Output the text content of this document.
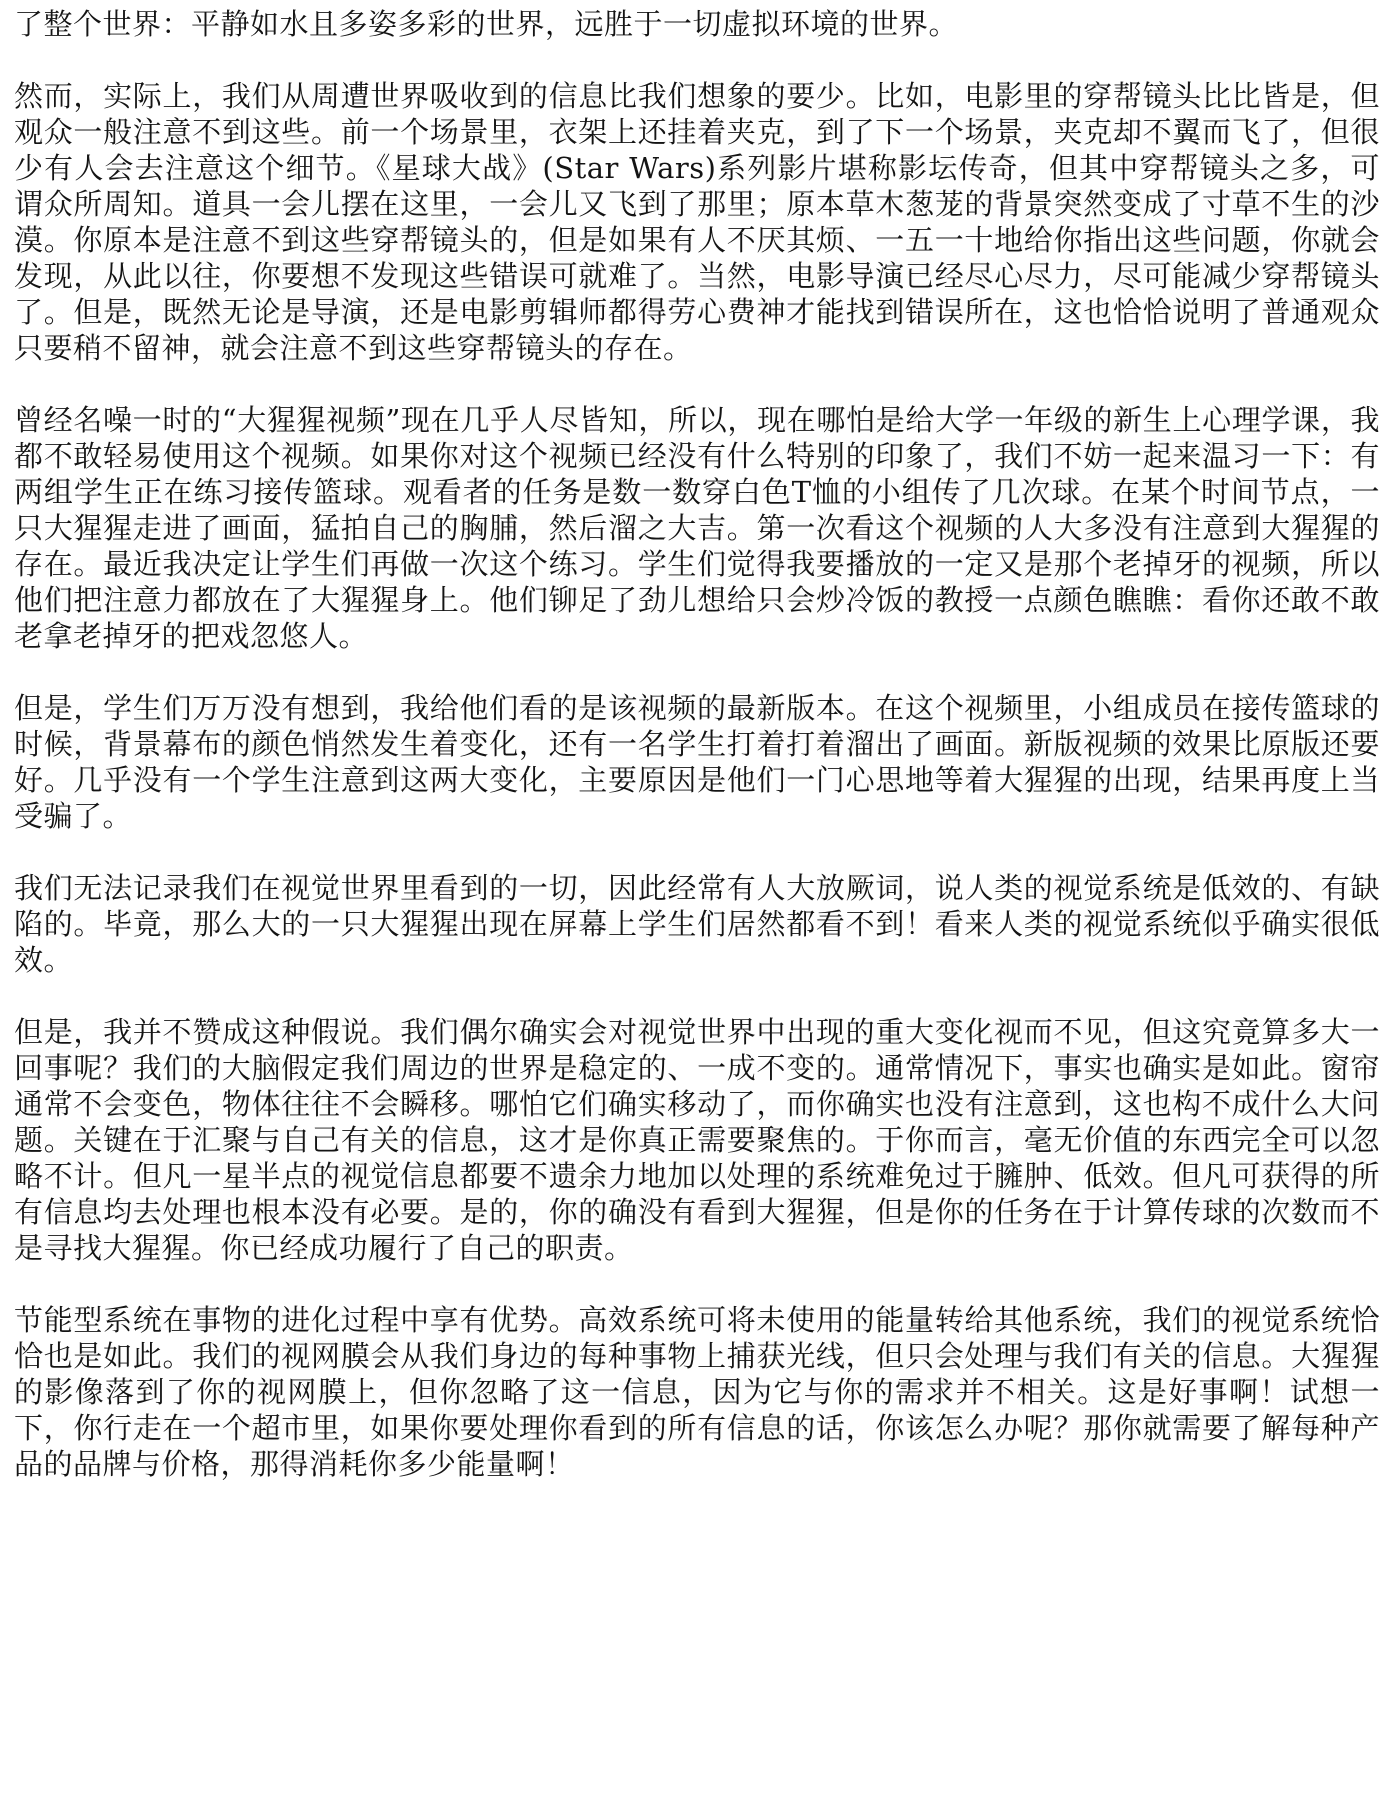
了整个世界：平静如水且多姿多彩的世界，远胜于一切虚拟环境的世界。

然而，实际上，我们从周遭世界吸收到的信息比我们想象的要少。比如，电影里的穿帮镜头比比皆是，但观众一般注意不到这些。前一个场景里，衣架上还挂着夹克，到了下一个场景，夹克却不翼而飞了，但很少有人会去注意这个细节。《星球大战》(Star Wars)系列影片堪称影坛传奇，但其中穿帮镜头之多，可谓众所周知。道具一会儿摆在这里，一会儿又飞到了那里；原本草木葱茏的背景突然变成了寸草不生的沙漠。你原本是注意不到这些穿帮镜头的，但是如果有人不厌其烦、一五一十地给你指出这些问题，你就会发现，从此以往，你要想不发现这些错误可就难了。当然，电影导演已经尽心尽力，尽可能减少穿帮镜头了。但是，既然无论是导演，还是电影剪辑师都得劳心费神才能找到错误所在，这也恰恰说明了普通观众只要稍不留神，就会注意不到这些穿帮镜头的存在。

曾经名噪一时的“大猩猩视频”现在几乎人尽皆知，所以，现在哪怕是给大学一年级的新生上心理学课，我都不敢轻易使用这个视频。如果你对这个视频已经没有什么特别的印象了，我们不妨一起来温习一下：有两组学生正在练习接传篮球。观看者的任务是数一数穿白色T恤的小组传了几次球。在某个时间节点，一只大猩猩走进了画面，猛拍自己的胸脯，然后溜之大吉。第一次看这个视频的人大多没有注意到大猩猩的存在。最近我决定让学生们再做一次这个练习。学生们觉得我要播放的一定又是那个老掉牙的视频，所以他们把注意力都放在了大猩猩身上。他们铆足了劲儿想给只会炒冷饭的教授一点颜色瞧瞧：看你还敢不敢老拿老掉牙的把戏忽悠人。

但是，学生们万万没有想到，我给他们看的是该视频的最新版本。在这个视频里，小组成员在接传篮球的时候，背景幕布的颜色悄然发生着变化，还有一名学生打着打着溜出了画面。新版视频的效果比原版还要好。几乎没有一个学生注意到这两大变化，主要原因是他们一门心思地等着大猩猩的出现，结果再度上当受骗了。

我们无法记录我们在视觉世界里看到的一切，因此经常有人大放厥词，说人类的视觉系统是低效的、有缺陷的。毕竟，那么大的一只大猩猩出现在屏幕上学生们居然都看不到！看来人类的视觉系统似乎确实很低效。

但是，我并不赞成这种假说。我们偶尔确实会对视觉世界中出现的重大变化视而不见，但这究竟算多大一回事呢？我们的大脑假定我们周边的世界是稳定的、一成不变的。通常情况下，事实也确实是如此。窗帘通常不会变色，物体往往不会瞬移。哪怕它们确实移动了，而你确实也没有注意到，这也构不成什么大问题。关键在于汇聚与自己有关的信息，这才是你真正需要聚焦的。于你而言，毫无价值的东西完全可以忽略不计。但凡一星半点的视觉信息都要不遗余力地加以处理的系统难免过于臃肿、低效。但凡可获得的所有信息均去处理也根本没有必要。是的，你的确没有看到大猩猩，但是你的任务在于计算传球的次数而不是寻找大猩猩。你已经成功履行了自己的职责。

节能型系统在事物的进化过程中享有优势。高效系统可将未使用的能量转给其他系统，我们的视觉系统恰恰也是如此。我们的视网膜会从我们身边的每种事物上捕获光线，但只会处理与我们有关的信息。大猩猩的影像落到了你的视网膜上，但你忽略了这一信息，因为它与你的需求并不相关。这是好事啊！试想一下，你行走在一个超市里，如果你要处理你看到的所有信息的话，你该怎么办呢？那你就需要了解每种产品的品牌与价格，那得消耗你多少能量啊！
